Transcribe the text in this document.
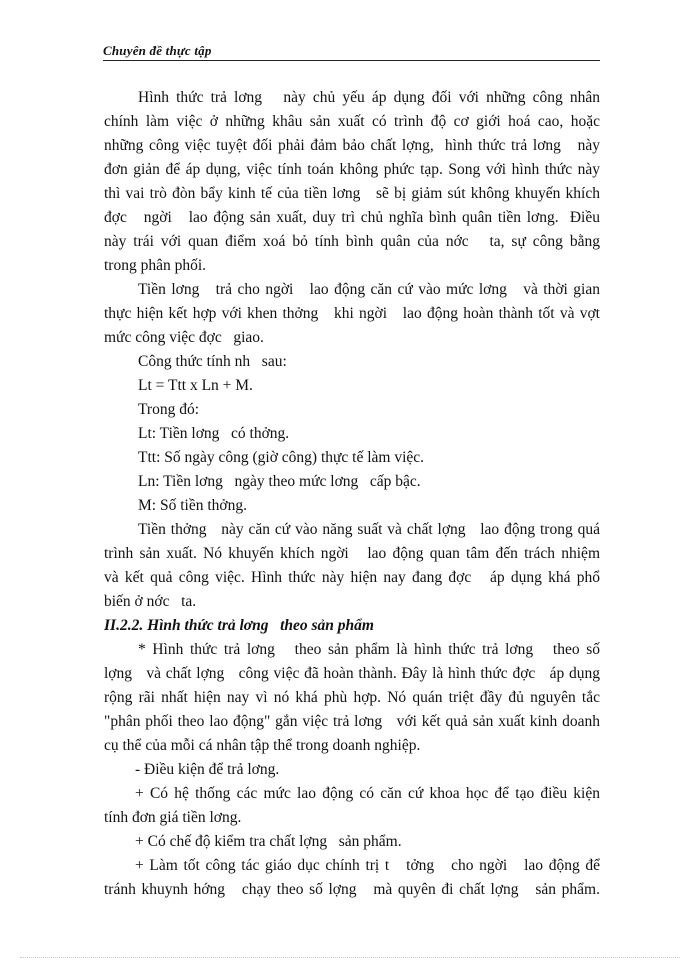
Chuyên đề thực tập
Hình thức trả lơng   này chủ yếu áp dụng đối với những công nhân
chính làm việc ở những khâu sản xuất có trình độ cơ giới hoá cao, hoặc
những công việc tuyệt đối phải đảm bảo chất lợng,  hình thức trả lơng   này
đơn giản để áp dụng, việc tính toán không phức tạp. Song với hình thức này
thì vai trò đòn bẩy kinh tế của tiền lơng   sẽ bị giảm sút không khuyến khích
đợc   ngời   lao động sản xuất, duy trì chủ nghĩa bình quân tiền lơng.  Điều
này trái với quan điểm xoá bỏ tính bình quân của nớc   ta, sự công bằng
trong phân phối.
Tiền lơng   trả cho ngời   lao động căn cứ vào mức lơng   và thời gian
thực hiện kết hợp với khen thởng   khi ngời   lao động hoàn thành tốt và vợt
mức công việc đợc   giao.
Công thức tính nh   sau:
Lt = Ttt x Ln + M.
Trong đó:
Lt: Tiền lơng   có thởng.
Ttt: Số ngày công (giờ công) thực tế làm việc.
Ln: Tiền lơng   ngày theo mức lơng   cấp bậc.
M: Số tiền thởng.
Tiền thởng   này căn cứ vào năng suất và chất lợng   lao động trong quá
trình sản xuất. Nó khuyến khích ngời   lao động quan tâm đến trách nhiệm
và kết quả công việc. Hình thức này hiện nay đang đợc   áp dụng khá phổ
biến ở nớc   ta.
II.2.2. Hình thức trả lơng   theo sản phẩm
* Hình thức trả lơng   theo sản phẩm là hình thức trả lơng   theo số
lợng   và chất lợng   công việc đã hoàn thành. Đây là hình thức đợc   áp dụng
rộng rãi nhất hiện nay vì nó khá phù hợp. Nó quán triệt đầy đủ nguyên tắc
"phân phối theo lao động" gắn việc trả lơng   với kết quả sản xuất kinh doanh
cụ thể của mỗi cá nhân tập thể trong doanh nghiệp.
- Điều kiện để trả lơng.
+ Có hệ thống các mức lao động có căn cứ khoa học để tạo điều kiện
tính đơn giá tiền lơng.
+ Có chế độ kiểm tra chất lợng   sản phẩm.
+ Làm tốt công tác giáo dục chính trị t   tởng   cho ngời   lao động để
tránh khuynh hớng   chạy theo số lợng   mà quyên đi chất lợng   sản phẩm.
